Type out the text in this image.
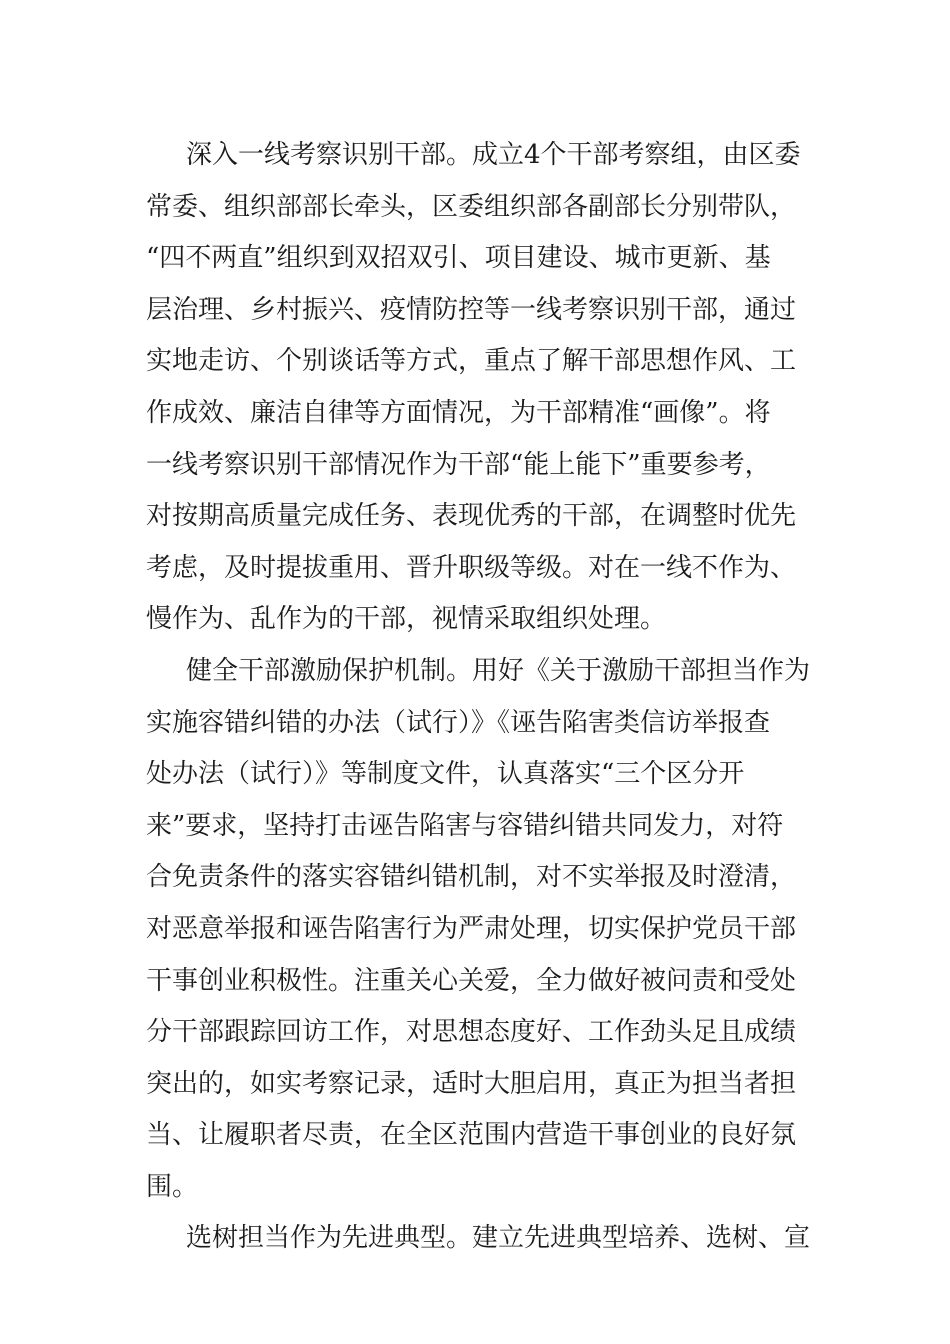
深入一线考察识别干部。成立4个干部考察组，由区委
常委、组织部部长牵头，区委组织部各副部长分别带队，
“四不两直”组织到双招双引、项目建设、城市更新、基
层治理、乡村振兴、疫情防控等一线考察识别干部，通过
实地走访、个别谈话等方式，重点了解干部思想作风、工
作成效、廉洁自律等方面情况，为干部精准“画像”。将
一线考察识别干部情况作为干部“能上能下”重要参考，
对按期高质量完成任务、表现优秀的干部，在调整时优先
考虑，及时提拔重用、晋升职级等级。对在一线不作为、
慢作为、乱作为的干部，视情采取组织处理。

健全干部激励保护机制。用好《关于激励干部担当作为
实施容错纠错的办法（试行）》《诬告陷害类信访举报查
处办法（试行）》等制度文件，认真落实“三个区分开
来”要求，坚持打击诬告陷害与容错纠错共同发力，对符
合免责条件的落实容错纠错机制，对不实举报及时澄清，
对恶意举报和诬告陷害行为严肃处理，切实保护党员干部
干事创业积极性。注重关心关爱，全力做好被问责和受处
分干部跟踪回访工作，对思想态度好、工作劲头足且成绩
突出的，如实考察记录，适时大胆启用，真正为担当者担
当、让履职者尽责，在全区范围内营造干事创业的良好氛
围。

选树担当作为先进典型。建立先进典型培养、选树、宣
